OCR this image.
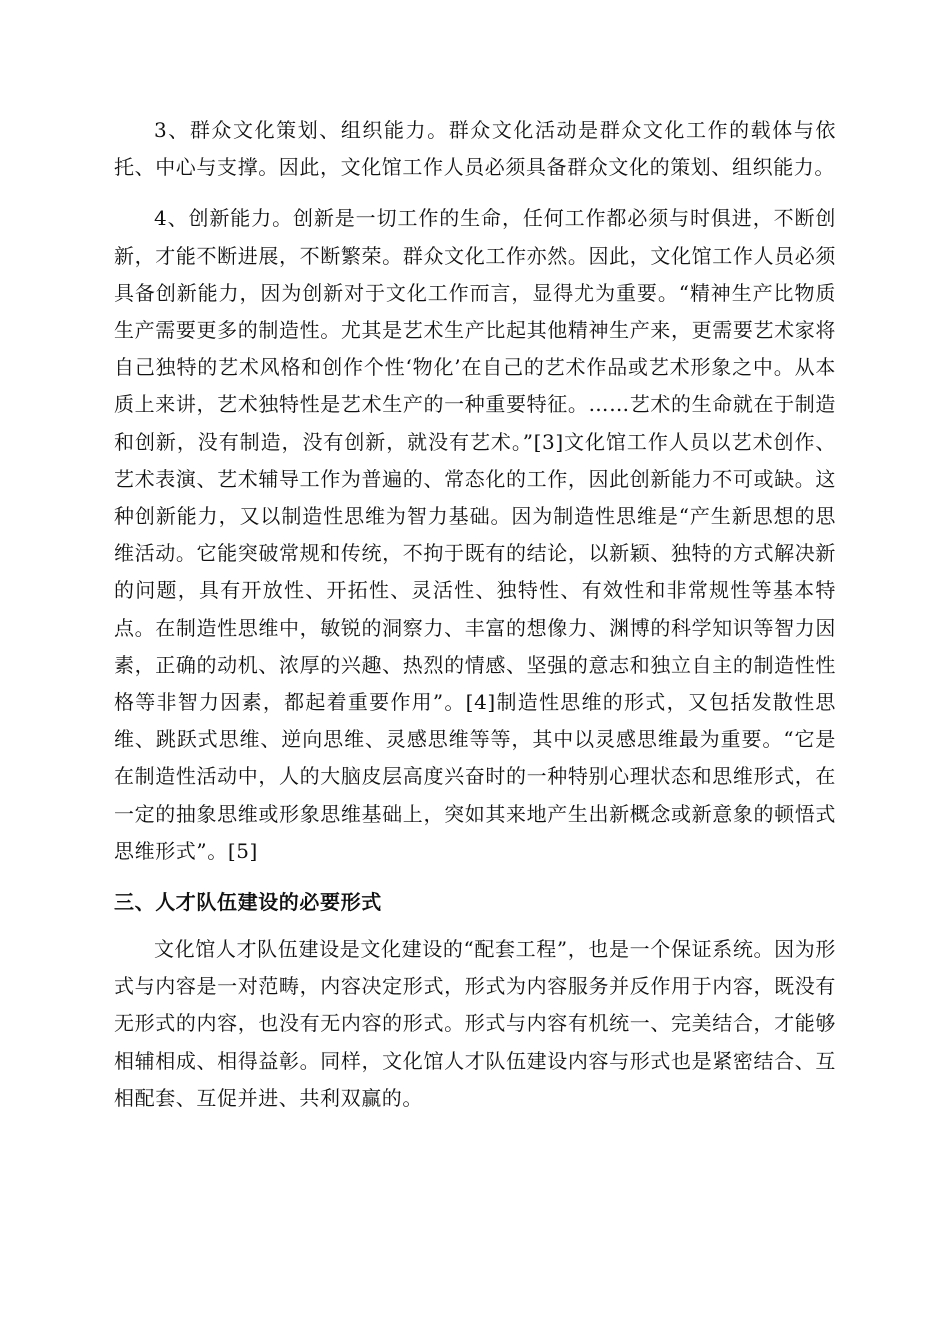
3、群众文化策划、组织能力。群众文化活动是群众文化工作的载体与依托、中心与支撑。因此，文化馆工作人员必须具备群众文化的策划、组织能力。

4、创新能力。创新是一切工作的生命，任何工作都必须与时俱进，不断创新，才能不断进展，不断繁荣。群众文化工作亦然。因此，文化馆工作人员必须具备创新能力，因为创新对于文化工作而言，显得尤为重要。“精神生产比物质生产需要更多的制造性。尤其是艺术生产比起其他精神生产来，更需要艺术家将自己独特的艺术风格和创作个性‘物化’在自己的艺术作品或艺术形象之中。从本质上来讲，艺术独特性是艺术生产的一种重要特征。……艺术的生命就在于制造和创新，没有制造，没有创新，就没有艺术。”[3]文化馆工作人员以艺术创作、艺术表演、艺术辅导工作为普遍的、常态化的工作，因此创新能力不可或缺。这种创新能力，又以制造性思维为智力基础。因为制造性思维是“产生新思想的思维活动。它能突破常规和传统，不拘于既有的结论，以新颖、独特的方式解决新的问题，具有开放性、开拓性、灵活性、独特性、有效性和非常规性等基本特点。在制造性思维中，敏锐的洞察力、丰富的想像力、渊博的科学知识等智力因素，正确的动机、浓厚的兴趣、热烈的情感、坚强的意志和独立自主的制造性性格等非智力因素，都起着重要作用”。[4]制造性思维的形式，又包括发散性思维、跳跃式思维、逆向思维、灵感思维等等，其中以灵感思维最为重要。“它是在制造性活动中，人的大脑皮层高度兴奋时的一种特别心理状态和思维形式，在一定的抽象思维或形象思维基础上，突如其来地产生出新概念或新意象的顿悟式思维形式”。[5]

三、人才队伍建设的必要形式

文化馆人才队伍建设是文化建设的“配套工程”，也是一个保证系统。因为形式与内容是一对范畴，内容决定形式，形式为内容服务并反作用于内容，既没有无形式的内容，也没有无内容的形式。形式与内容有机统一、完美结合，才能够相辅相成、相得益彰。同样，文化馆人才队伍建设内容与形式也是紧密结合、互相配套、互促并进、共利双赢的。
